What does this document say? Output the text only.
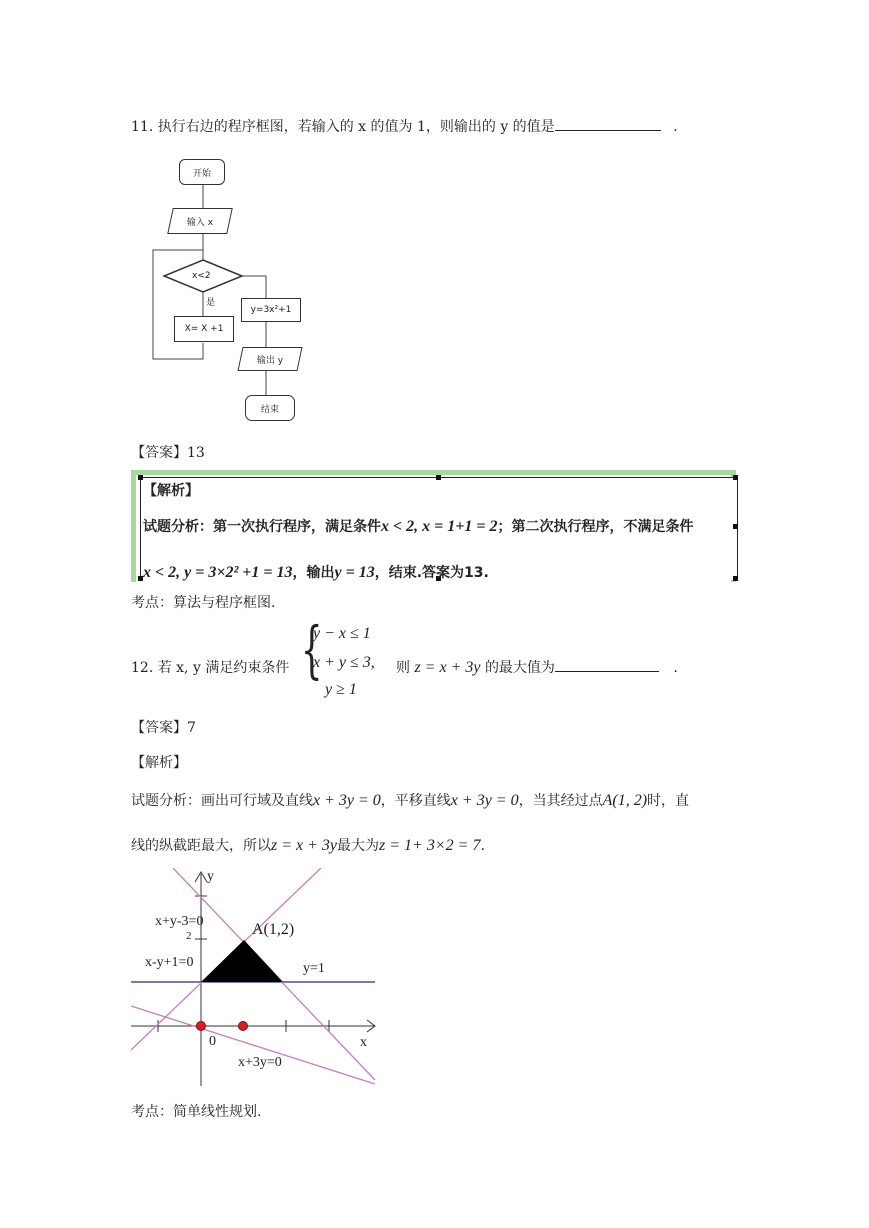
11. 执行右边的程序框图，若输入的 x 的值为 1，则输出的 y 的值是	.
开始
输入 x
x<2
是
X= X +1
y=3x²+1
输出 y
结束
【答案】13
【解析】
试题分析：第一次执行程序，满足条件x < 2, x = 1+1 = 2；第二次执行程序，不满足条件
x < 2, y = 3×2² +1 = 13，输出y = 13，结束.答案为13.
考点：算法与程序框图.
12. 若 x, y 满足约束条件 {
y − x ≤ 1
x + y ≤ 3,
y ≥ 1
则 z = x + 3y 的最大值为	.
【答案】7
【解析】
试题分析：画出可行域及直线x + 3y = 0，平移直线x + 3y = 0，当其经过点A(1, 2)时，直
线的纵截距最大，所以z = x + 3y最大为z = 1+ 3×2 = 7.
y
x
0
2
x+y-3=0
x-y+1=0
A(1,2)
y=1
x+3y=0
考点：简单线性规划.
